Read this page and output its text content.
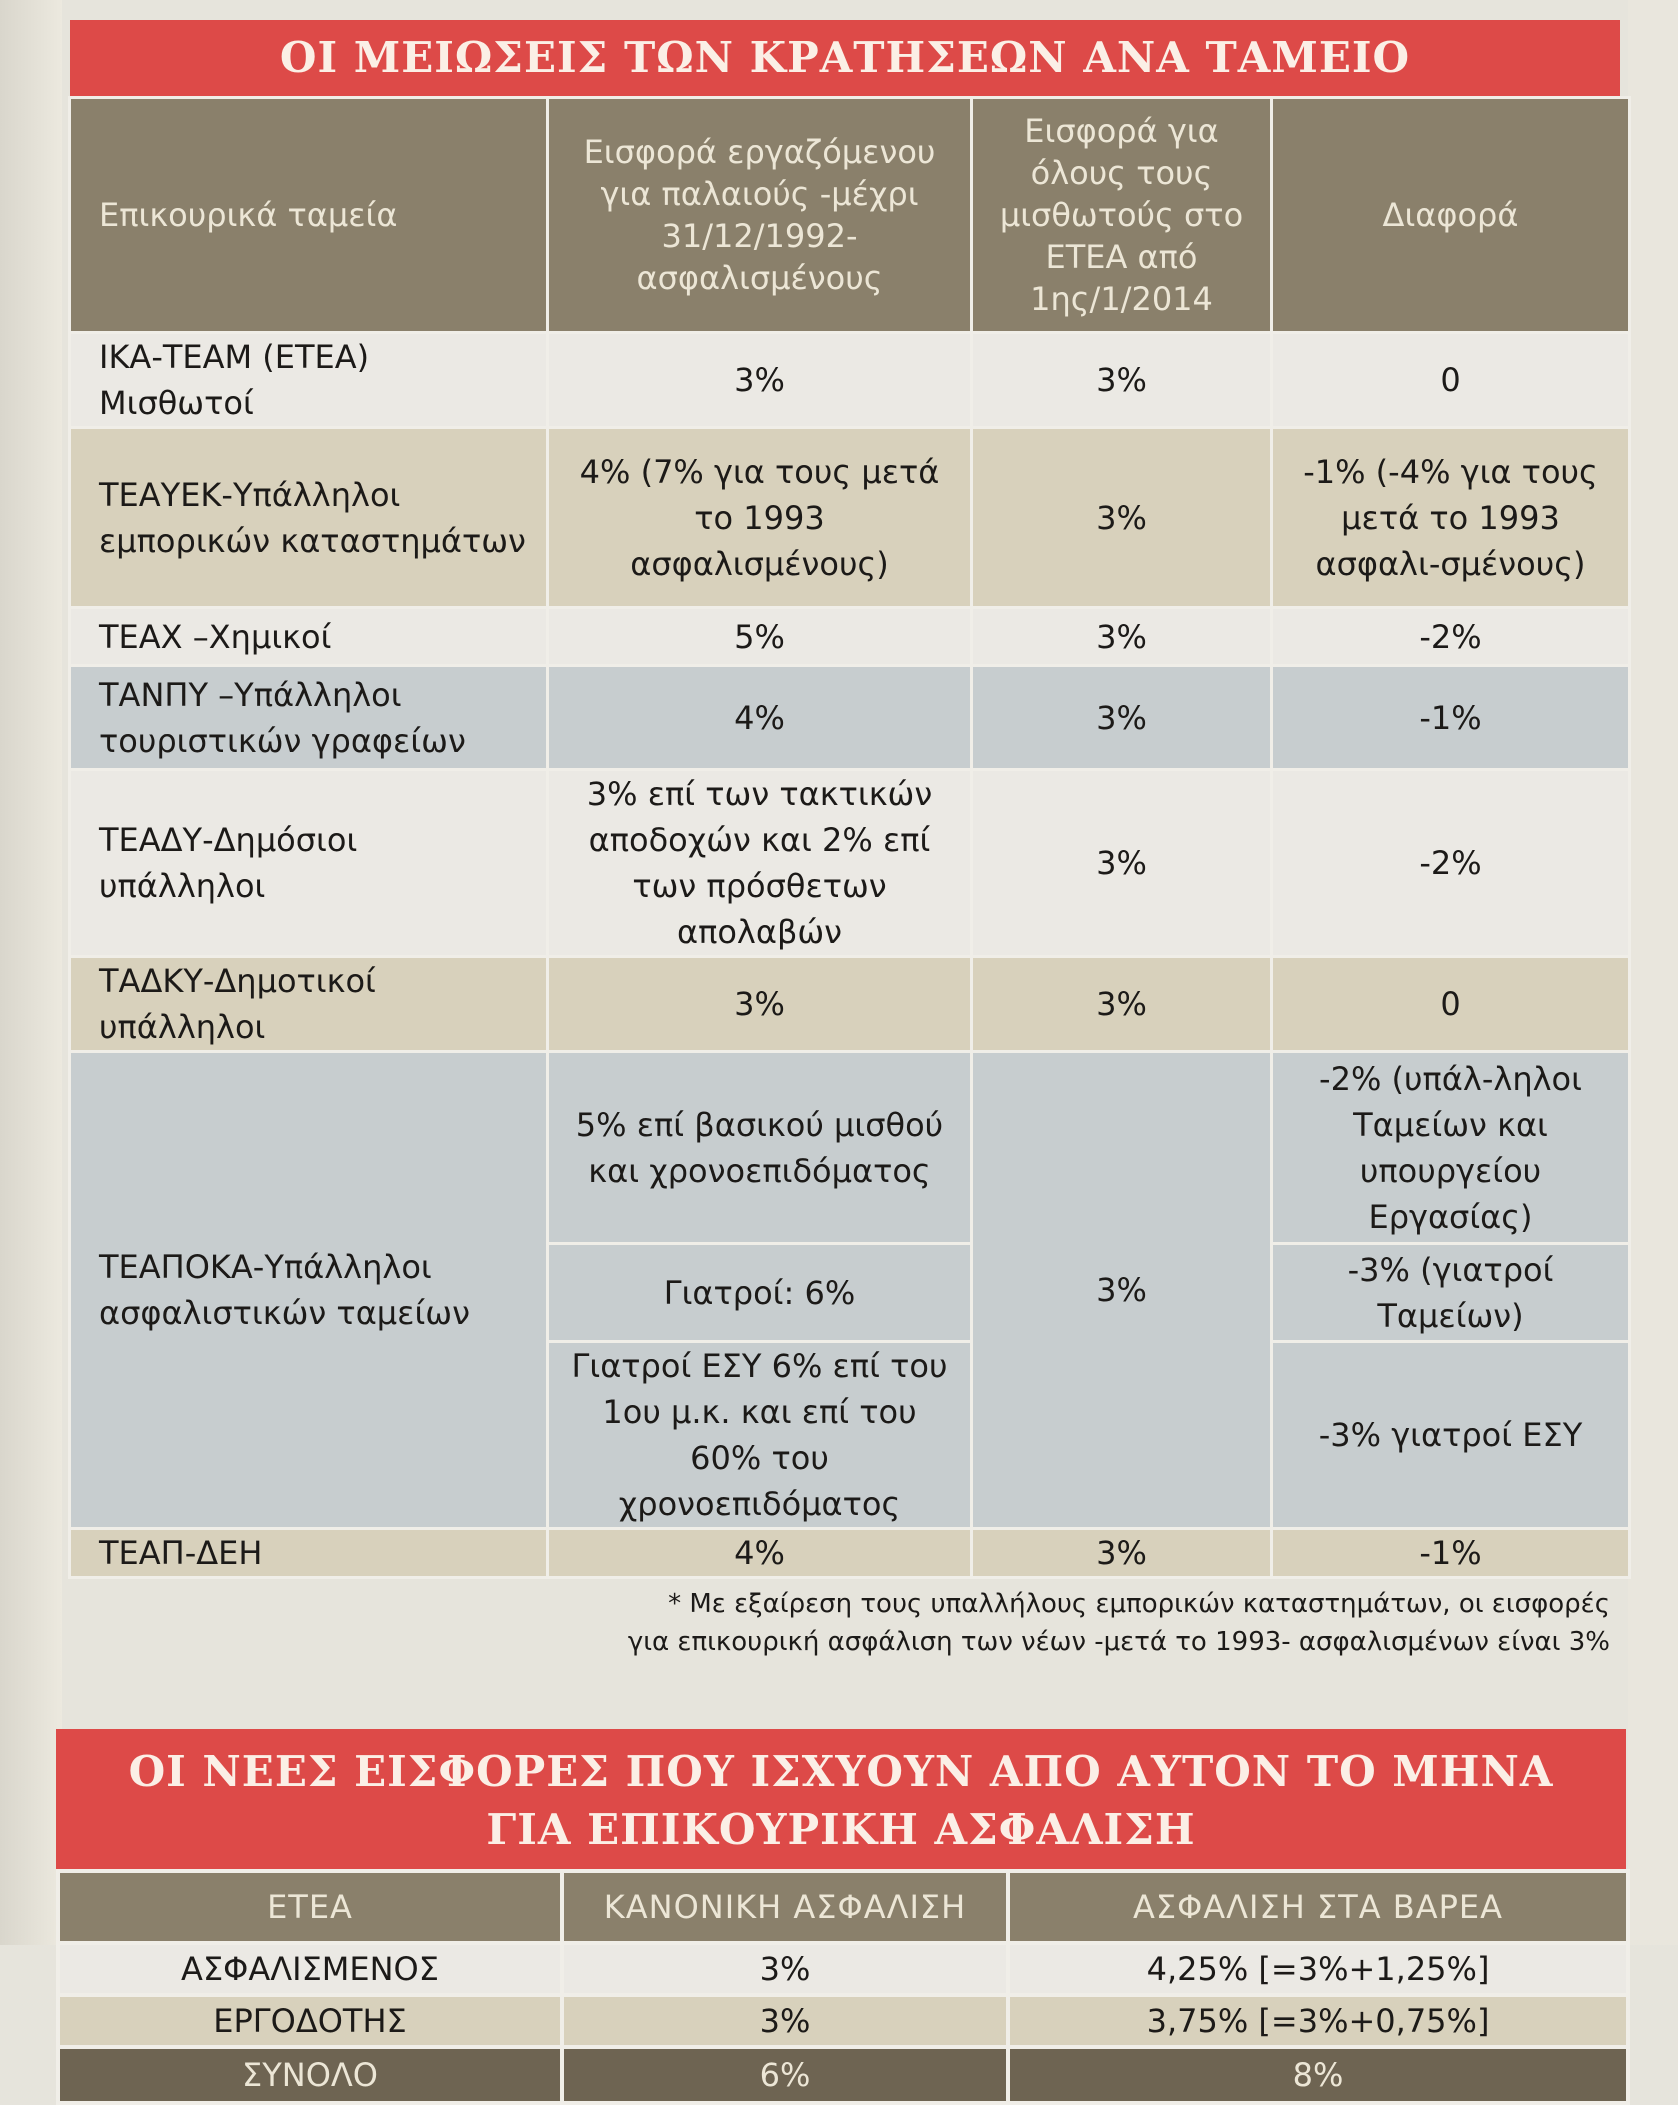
ΟΙ ΜΕΙΩΣΕΙΣ ΤΩΝ ΚΡΑΤΗΣΕΩΝ ΑΝΑ ΤΑΜΕΙΟ
Επικουρικά ταμεία	Εισφορά εργαζόμενου για παλαιούς -μέχρι 31/12/1992- ασφαλισμένους	Εισφορά για όλους τους μισθωτούς στο ΕΤΕΑ από 1ης/1/2014	Διαφορά
ΙΚΑ-ΤΕΑΜ (ΕΤΕΑ) Μισθωτοί	3%	3%	0
ΤΕΑΥΕΚ-Υπάλληλοι εμπορικών καταστημάτων	4% (7% για τους μετά το 1993 ασφαλισμένους)	3%	-1% (-4% για τους μετά το 1993 ασφαλι-σμένους)
ΤΕΑΧ –Χημικοί	5%	3%	-2%
ΤΑΝΠΥ –Υπάλληλοι τουριστικών γραφείων	4%	3%	-1%
ΤΕΑΔΥ-Δημόσιοι υπάλληλοι	3% επί των τακτικών αποδοχών και 2% επί των πρόσθετων απολαβών	3%	-2%
ΤΑΔΚΥ-Δημοτικοί υπάλληλοι	3%	3%	0
ΤΕΑΠΟΚΑ-Υπάλληλοι ασφαλιστικών ταμείων	5% επί βασικού μισθού και χρονοεπιδόματος	3%	-2% (υπάλ-ληλοι Ταμείων και υπουργείου Εργασίας)
	Γιατροί: 6%		-3% (γιατροί Ταμείων)
	Γιατροί ΕΣΥ 6% επί του 1ου μ.κ. και επί του 60% του χρονοεπιδόματος		-3% γιατροί ΕΣΥ
ΤΕΑΠ-ΔΕΗ	4%	3%	-1%
* Με εξαίρεση τους υπαλλήλους εμπορικών καταστημάτων, οι εισφορές
για επικουρική ασφάλιση των νέων -μετά το 1993- ασφαλισμένων είναι 3%
ΟΙ ΝΕΕΣ ΕΙΣΦΟΡΕΣ ΠΟΥ ΙΣΧΥΟΥΝ ΑΠΟ ΑΥΤΟΝ ΤΟ ΜΗΝΑ
ΓΙΑ ΕΠΙΚΟΥΡΙΚΗ ΑΣΦΑΛΙΣΗ
ΕΤΕΑ	ΚΑΝΟΝΙΚΗ ΑΣΦΑΛΙΣΗ	ΑΣΦΑΛΙΣΗ ΣΤΑ ΒΑΡΕΑ
ΑΣΦΑΛΙΣΜΕΝΟΣ	3%	4,25% [=3%+1,25%]
ΕΡΓΟΔΟΤΗΣ	3%	3,75% [=3%+0,75%]
ΣΥΝΟΛΟ	6%	8%
